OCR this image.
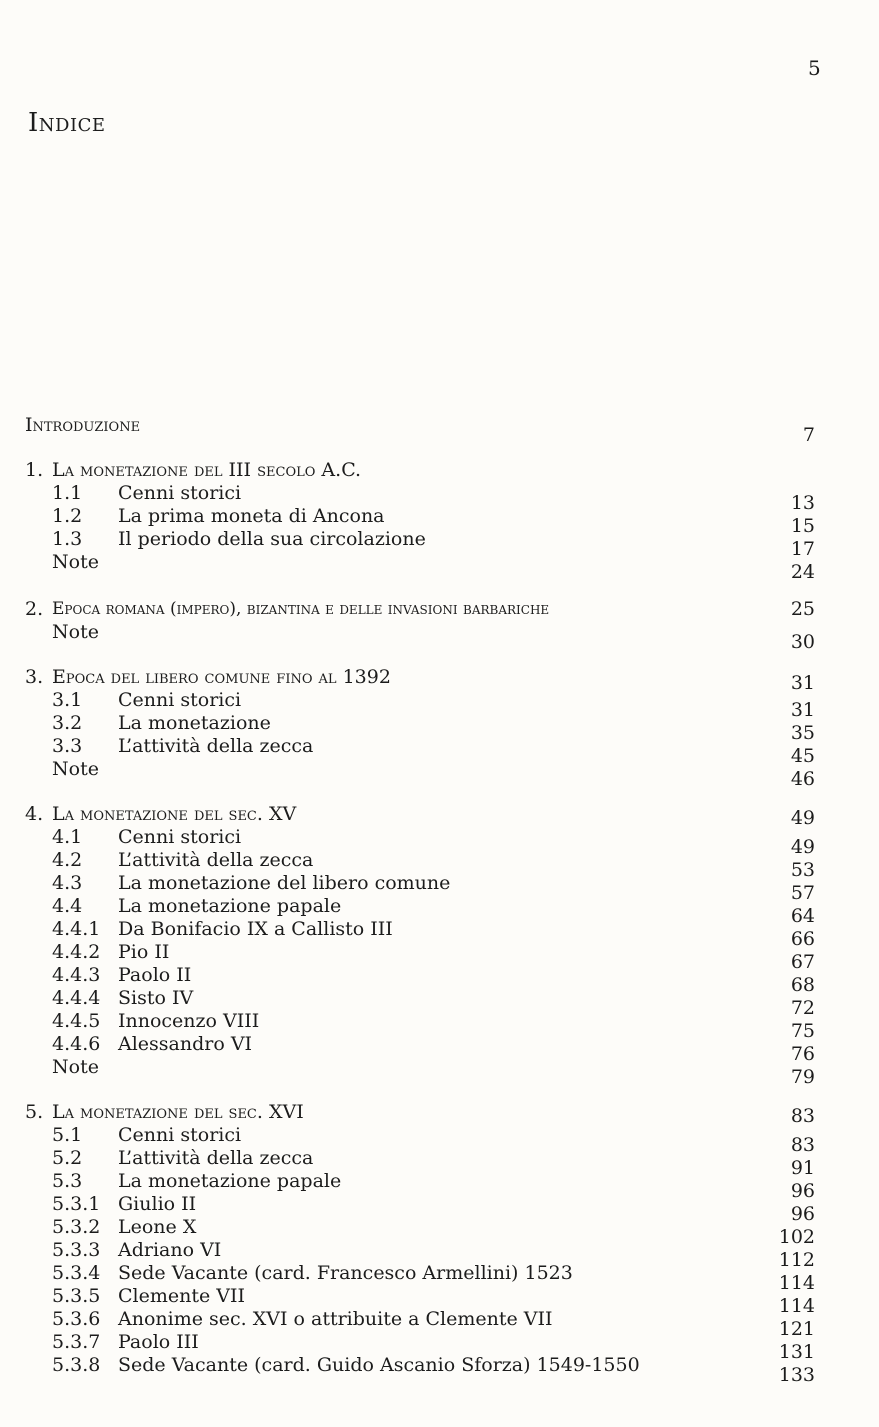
5
Indice
Introduzione	7
1. La monetazione del III secolo A.C.
1.1 Cenni storici	13
1.2 La prima moneta di Ancona	15
1.3 Il periodo della sua circolazione	17
Note	24
2. Epoca romana (impero), bizantina e delle invasioni barbariche	25
Note	30
3. Epoca del libero comune fino al 1392	31
3.1 Cenni storici	31
3.2 La monetazione	35
3.3 L’attività della zecca	45
Note	46
4. La monetazione del sec. XV	49
4.1 Cenni storici	49
4.2 L’attività della zecca	53
4.3 La monetazione del libero comune	57
4.4 La monetazione papale	64
4.4.1 Da Bonifacio IX a Callisto III	66
4.4.2 Pio II	67
4.4.3 Paolo II	68
4.4.4 Sisto IV	72
4.4.5 Innocenzo VIII	75
4.4.6 Alessandro VI	76
Note	79
5. La monetazione del sec. XVI	83
5.1 Cenni storici	83
5.2 L’attività della zecca	91
5.3 La monetazione papale	96
5.3.1 Giulio II	96
5.3.2 Leone X	102
5.3.3 Adriano VI	112
5.3.4 Sede Vacante (card. Francesco Armellini) 1523	114
5.3.5 Clemente VII	114
5.3.6 Anonime sec. XVI o attribuite a Clemente VII	121
5.3.7 Paolo III	131
5.3.8 Sede Vacante (card. Guido Ascanio Sforza) 1549-1550	133
